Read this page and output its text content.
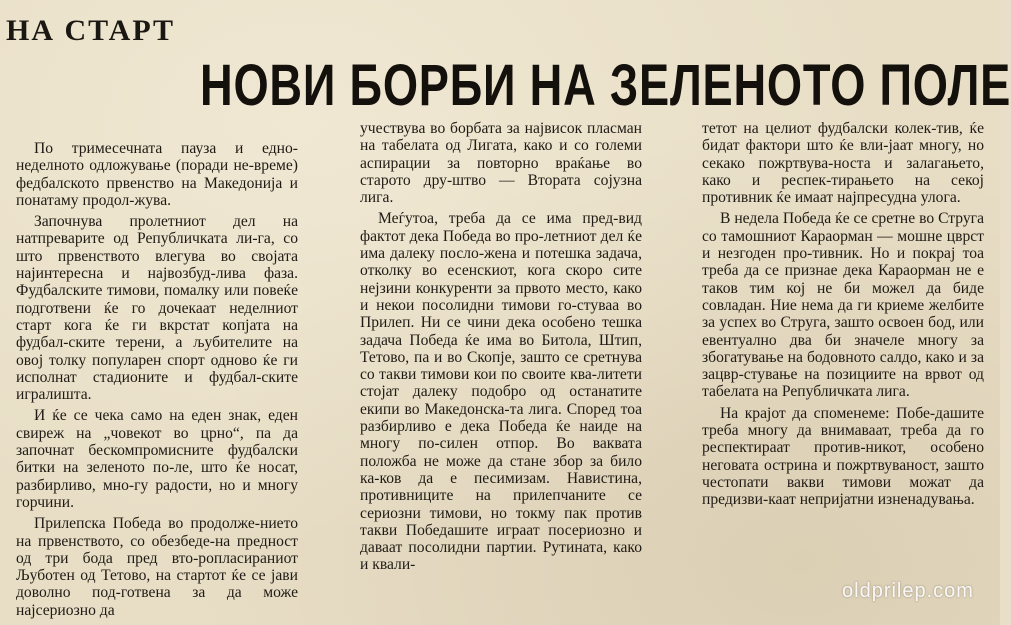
НА СТАРТ
НОВИ БОРБИ НА ЗЕЛЕНОТО ПОЛЕ

По тримесечната пауза и едно-неделното одложување (поради не-време) федбалското првенство на Македонија и понатаму продол-жува.

Започнува пролетниот дел на натпреварите од Републичката ли-га, со што првенството влегува во својата најинтересна и највозбуд-лива фаза. Фудбалските тимови, помалку или повеќе подготвени ќе го дочекаат неделниот старт кога ќе ги вкрстат копјата на фудбал-ските терени, а љубителите на овој толку популарен спорт одново ќе ги исполнат стадионите и фудбал-ските игралишта.

И ќе се чека само на еден знак, еден свиреж на „човекот во црно“, па да започнат бескомпромисните фудбалски битки на зеленото по-ле, што ќе носат, разбирливо, мно-гу радости, но и многу горчини.

Прилепска Победа во продолже-нието на првенството, со обезбеде-на предност од три бода пред вто-ропласираниот Љуботен од Тетово, на стартот ќе се јави доволно под-готвена за да може најсериозно да

учествува во борбата за највисок пласман на табелата од Лигата, како и со големи аспирации за повторно враќање во старото дру-штво — Втората сојузна лига.

Меѓутоа, треба да се има пред-вид фактот дека Победа во про-летниот дел ќе има далеку посло-жена и потешка задача, отколку во есенскиот, кога скоро сите нејзини конкуренти за првото место, како и некои посолидни тимови го-стуваа во Прилеп. Ни се чини дека особено тешка задача Победа ќе има во Битола, Штип, Тетово, па и во Скопје, зашто се сретнува со такви тимови кои по своите ква-литети стојат далеку подобро од останатите екипи во Македонска-та лига. Според тоа разбирливо е дека Победа ќе наиде на многу по-силен отпор. Во ваквата положба не може да стане збор за било ка-ков да е песимизам. Навистина, противниците на прилепчаните се сериозни тимови, но токму пак против такви Победашите играат посериозно и даваат посолидни партии. Рутината, како и квали-

тетот на целиот фудбалски колек-тив, ќе бидат фактори што ќе вли-јаат многу, но секако пожртвува-носта и залагањето, како и респек-тирањето на секој противник ќе имаат најпресудна улога.

В недела Победа ќе се сретне во Струга со тамошниот Караорман — мошне цврст и незгоден про-тивник. Но и покрај тоа треба да се признае дека Караорман не е таков тим кој не би можел да биде совладан. Ние нема да ги криеме желбите за успех во Струга, зашто освоен бод, или евентуално два би значеле многу за збогатување на бодовното салдо, како и за зацвр-стување на позициите на врвот од табелата на Републичката лига.

На крајот да споменеме: Побе-дашите треба многу да внимаваат, треба да го респектираат против-никот, особено неговата острина и пожртвуваност, зашто честопати вакви тимови можат да предизви-каат непријатни изненадувања.

oldprilep.com
